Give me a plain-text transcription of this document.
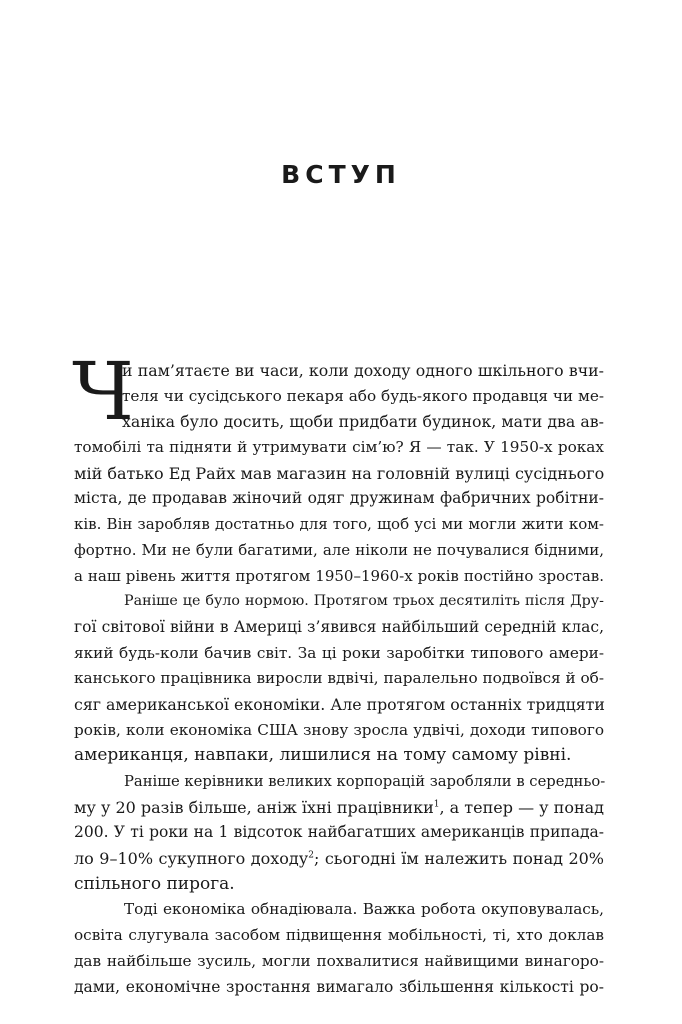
ВСТУП
Ч
и пам’ятаєте ви часи, коли доходу одного шкільного вчи-
теля чи сусідського пекаря або будь-якого продавця чи ме-
ханіка було досить, щоби придбати будинок, мати два ав-
томобілі та підняти й утримувати сім’ю? Я — так. У 1950-х роках
мій батько Ед Райх мав магазин на головній вулиці сусіднього
міста, де продавав жіночий одяг дружинам фабричних робітни-
ків. Він заробляв достатньо для того, щоб усі ми могли жити ком-
фортно. Ми не були багатими, але ніколи не почувалися бідними,
а наш рівень життя протягом 1950–1960-х років постійно зростав.
Раніше це було нормою. Протягом трьох десятиліть після Дру-
гої світової війни в Америці з’явився найбільший середній клас,
який будь-коли бачив світ. За ці роки заробітки типового амери-
канського працівника виросли вдвічі, паралельно подвоївся й об-
сяг американської економіки. Але протягом останніх тридцяти
років, коли економіка США знову зросла удвічі, доходи типового
американця, навпаки, лишилися на тому самому рівні.
Раніше керівники великих корпорацій заробляли в середньо-
му у 20 разів більше, аніж їхні працівники$^1$, а тепер — у понад
200. У ті роки на 1 відсоток найбагатших американців припада-
ло 9–10% сукупного доходу$^2$; сьогодні їм належить понад 20%
спільного пирога.
Тоді економіка обнадіювала. Важка робота окуповувалась,
освіта слугувала засобом підвищення мобільності, ті, хто доклав
дав найбільше зусиль, могли похвалитися найвищими винагоро-
дами, економічне зростання вимагало збільшення кількості ро-
